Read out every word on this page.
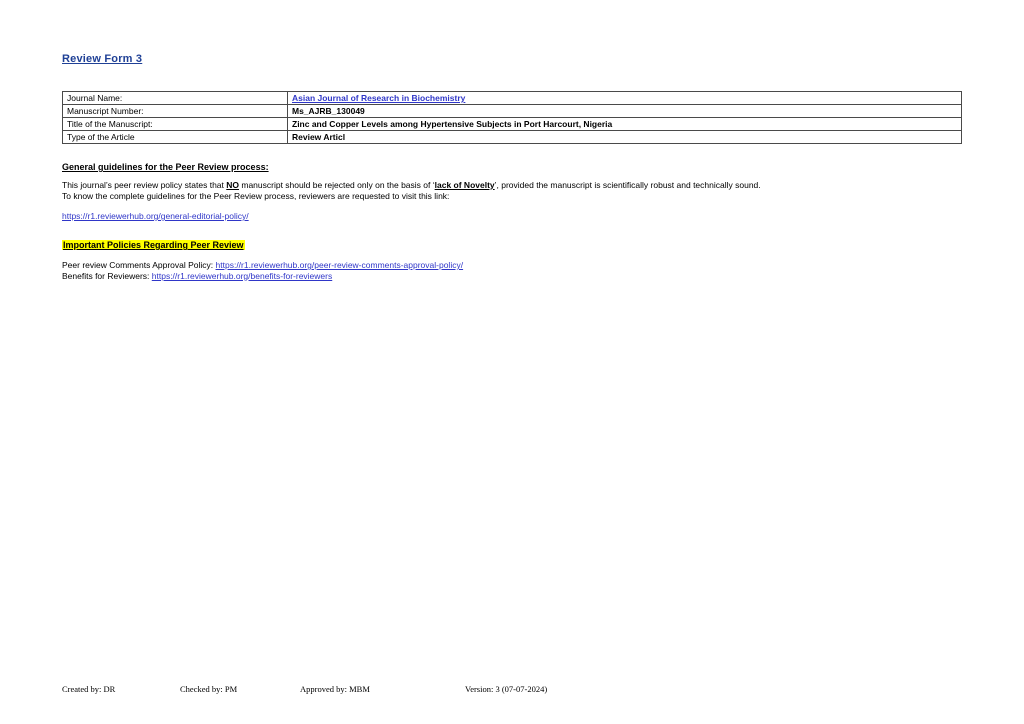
Review Form 3
Journal Name:	Asian Journal of Research in Biochemistry
Manuscript Number:	Ms_AJRB_130049
Title of the Manuscript:	Zinc and Copper Levels among Hypertensive Subjects in Port Harcourt, Nigeria
Type of the Article	Review Articl

General guidelines for the Peer Review process:

This journal’s peer review policy states that NO manuscript should be rejected only on the basis of ‘lack of Novelty’, provided the manuscript is scientifically robust and technically sound.
To know the complete guidelines for the Peer Review process, reviewers are requested to visit this link:

https://r1.reviewerhub.org/general-editorial-policy/

Important Policies Regarding Peer Review

Peer review Comments Approval Policy: https://r1.reviewerhub.org/peer-review-comments-approval-policy/
Benefits for Reviewers: https://r1.reviewerhub.org/benefits-for-reviewers

Created by: DR	Checked by: PM	Approved by: MBM	Version: 3 (07-07-2024)
